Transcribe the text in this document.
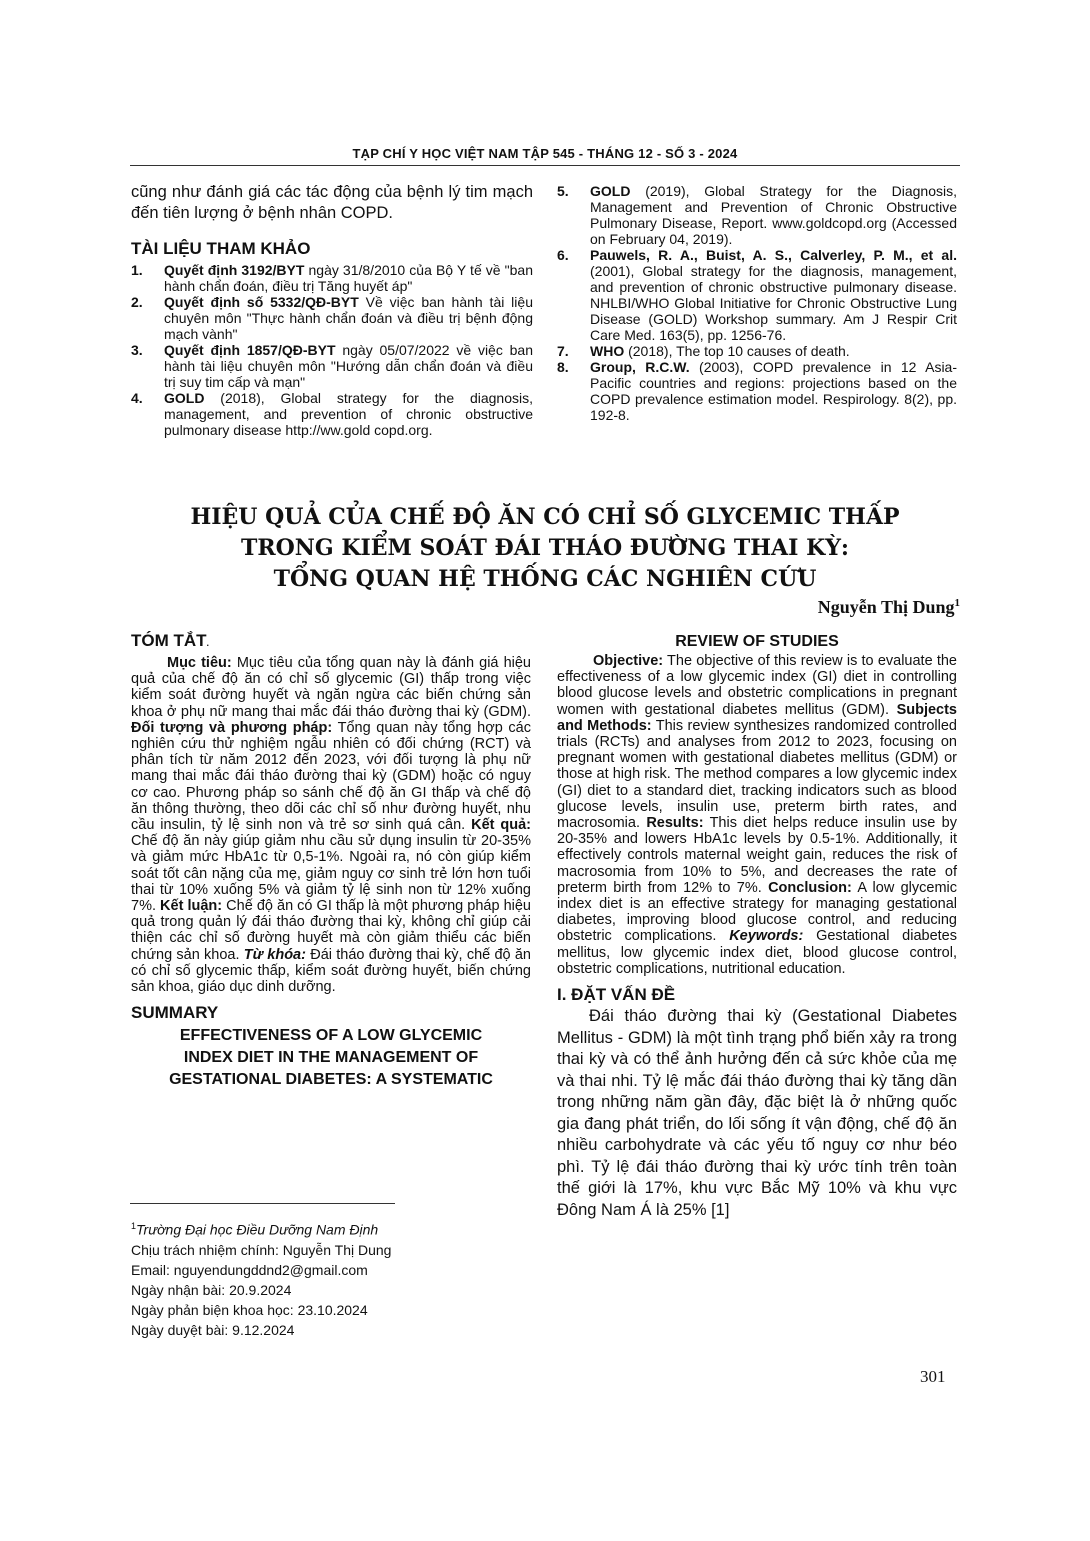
TẠP CHÍ Y HỌC VIỆT NAM TẬP 545 - THÁNG 12 - SỐ 3 - 2024
cũng như đánh giá các tác động của bệnh lý tim mạch đến tiên lượng ở bệnh nhân COPD.
TÀI LIỆU THAM KHẢO
1. Quyết định 3192/BYT ngày 31/8/2010 của Bộ Y tế về "ban hành chẩn đoán, điều trị Tăng huyết áp"
2. Quyết định số 5332/QĐ-BYT Về việc ban hành tài liệu chuyên môn "Thực hành chẩn đoán và điều trị bệnh động mạch vành"
3. Quyết định 1857/QĐ-BYT ngày 05/07/2022 về việc ban hành tài liệu chuyên môn "Hướng dẫn chẩn đoán và điều trị suy tim cấp và mạn"
4. GOLD (2018), Global strategy for the diagnosis, management, and prevention of chronic obstructive pulmonary disease http://ww.gold copd.org.
5. GOLD (2019), Global Strategy for the Diagnosis, Management and Prevention of Chronic Obstructive Pulmonary Disease, Report. www.goldcopd.org (Accessed on February 04, 2019).
6. Pauwels, R. A., Buist, A. S., Calverley, P. M., et al. (2001), Global strategy for the diagnosis, management, and prevention of chronic obstructive pulmonary disease. NHLBI/WHO Global Initiative for Chronic Obstructive Lung Disease (GOLD) Workshop summary. Am J Respir Crit Care Med. 163(5), pp. 1256-76.
7. WHO (2018), The top 10 causes of death.
8. Group, R.C.W. (2003), COPD prevalence in 12 Asia-Pacific countries and regions: projections based on the COPD prevalence estimation model. Respirology. 8(2), pp. 192-8.
HIỆU QUẢ CỦA CHẾ ĐỘ ĂN CÓ CHỈ SỐ GLYCEMIC THẤP
TRONG KIỂM SOÁT ĐÁI THÁO ĐƯỜNG THAI KỲ:
TỔNG QUAN HỆ THỐNG CÁC NGHIÊN CỨU
Nguyễn Thị Dung$^1$
TÓM TẮT.
Mục tiêu: Mục tiêu của tổng quan này là đánh giá hiệu quả của chế độ ăn có chỉ số glycemic (GI) thấp trong việc kiểm soát đường huyết và ngăn ngừa các biến chứng sản khoa ở phụ nữ mang thai mắc đái tháo đường thai kỳ (GDM). Đối tượng và phương pháp: Tổng quan này tổng hợp các nghiên cứu thử nghiệm ngẫu nhiên có đối chứng (RCT) và phân tích từ năm 2012 đến 2023, với đối tượng là phụ nữ mang thai mắc đái tháo đường thai kỳ (GDM) hoặc có nguy cơ cao. Phương pháp so sánh chế độ ăn GI thấp và chế độ ăn thông thường, theo dõi các chỉ số như đường huyết, nhu cầu insulin, tỷ lệ sinh non và trẻ sơ sinh quá cân. Kết quả: Chế độ ăn này giúp giảm nhu cầu sử dụng insulin từ 20-35% và giảm mức HbA1c từ 0,5-1%. Ngoài ra, nó còn giúp kiểm soát tốt cân nặng của mẹ, giảm nguy cơ sinh trẻ lớn hơn tuổi thai từ 10% xuống 5% và giảm tỷ lệ sinh non từ 12% xuống 7%. Kết luận: Chế độ ăn có GI thấp là một phương pháp hiệu quả trong quản lý đái tháo đường thai kỳ, không chỉ giúp cải thiện các chỉ số đường huyết mà còn giảm thiểu các biến chứng sản khoa. Từ khóa: Đái tháo đường thai kỳ, chế độ ăn có chỉ số glycemic thấp, kiểm soát đường huyết, biến chứng sản khoa, giáo dục dinh dưỡng.
SUMMARY
EFFECTIVENESS OF A LOW GLYCEMIC
INDEX DIET IN THE MANAGEMENT OF
GESTATIONAL DIABETES: A SYSTEMATIC
$^1$Trường Đại học Điều Dưỡng Nam Định
Chịu trách nhiệm chính: Nguyễn Thị Dung
Email: nguyendungddnd2@gmail.com
Ngày nhận bài: 20.9.2024
Ngày phản biện khoa học: 23.10.2024
Ngày duyệt bài: 9.12.2024
REVIEW OF STUDIES
Objective: The objective of this review is to evaluate the effectiveness of a low glycemic index (GI) diet in controlling blood glucose levels and obstetric complications in pregnant women with gestational diabetes mellitus (GDM). Subjects and Methods: This review synthesizes randomized controlled trials (RCTs) and analyses from 2012 to 2023, focusing on pregnant women with gestational diabetes mellitus (GDM) or those at high risk. The method compares a low glycemic index (GI) diet to a standard diet, tracking indicators such as blood glucose levels, insulin use, preterm birth rates, and macrosomia. Results: This diet helps reduce insulin use by 20-35% and lowers HbA1c levels by 0.5-1%. Additionally, it effectively controls maternal weight gain, reduces the risk of macrosomia from 10% to 5%, and decreases the rate of preterm birth from 12% to 7%. Conclusion: A low glycemic index diet is an effective strategy for managing gestational diabetes, improving blood glucose control, and reducing obstetric complications. Keywords: Gestational diabetes mellitus, low glycemic index diet, blood glucose control, obstetric complications, nutritional education.
I. ĐẶT VẤN ĐỀ
Đái tháo đường thai kỳ (Gestational Diabetes Mellitus - GDM) là một tình trạng phổ biến xảy ra trong thai kỳ và có thể ảnh hưởng đến cả sức khỏe của mẹ và thai nhi. Tỷ lệ mắc đái tháo đường thai kỳ tăng dần trong những năm gần đây, đặc biệt là ở những quốc gia đang phát triển, do lối sống ít vận động, chế độ ăn nhiều carbohydrate và các yếu tố nguy cơ như béo phì. Tỷ lệ đái tháo đường thai kỳ ước tính trên toàn thế giới là 17%, khu vực Bắc Mỹ 10% và khu vực Đông Nam Á là 25% [1]
301
